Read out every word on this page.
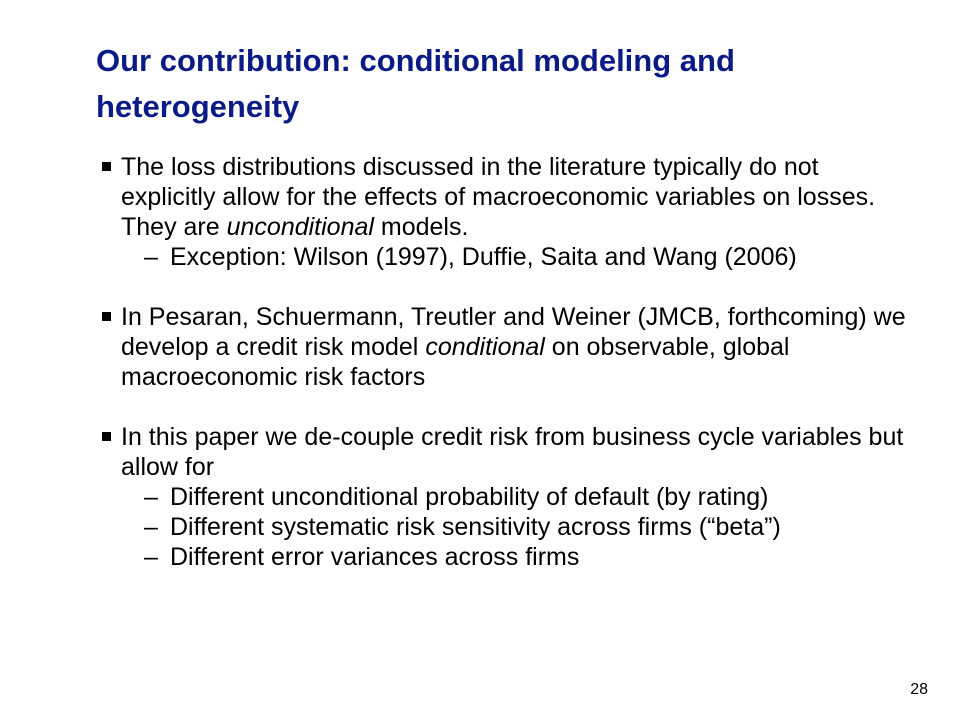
Our contribution: conditional modeling and heterogeneity

The loss distributions discussed in the literature typically do not explicitly allow for the effects of macroeconomic variables on losses. They are unconditional models.

– Exception: Wilson (1997), Duffie, Saita and Wang (2006)

In Pesaran, Schuermann, Treutler and Weiner (JMCB, forthcoming) we develop a credit risk model conditional on observable, global macroeconomic risk factors

In this paper we de-couple credit risk from business cycle variables but allow for

– Different unconditional probability of default (by rating)

– Different systematic risk sensitivity across firms (“beta”)

– Different error variances across firms

28
